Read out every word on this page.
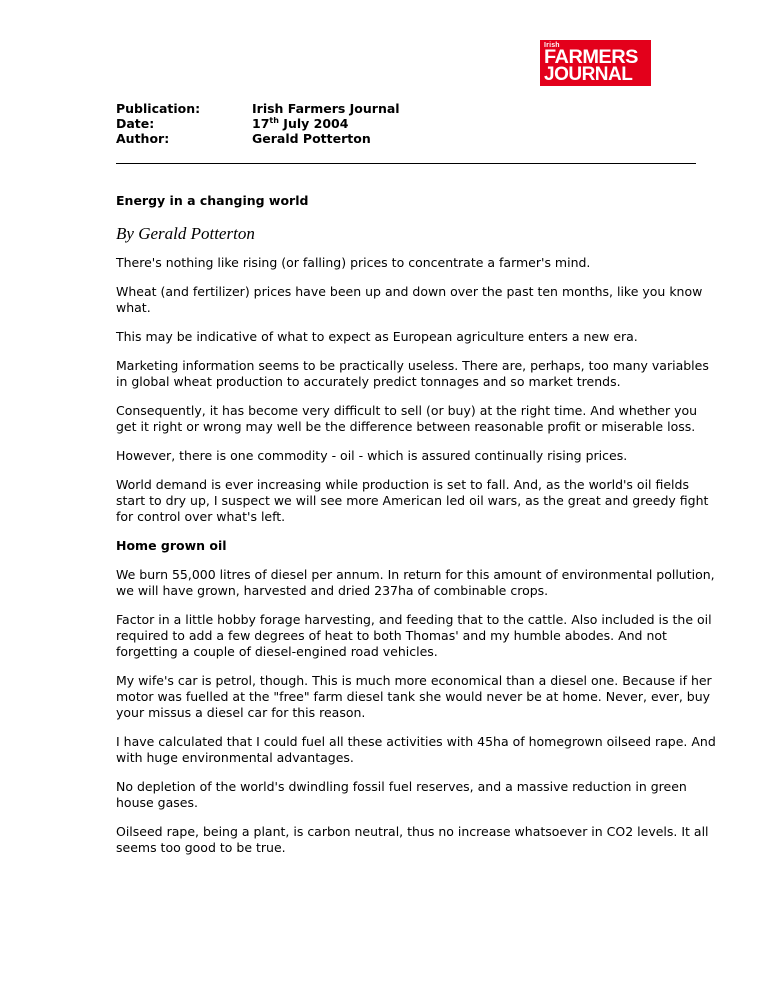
Irish
FARMERS
JOURNAL
Publication:	Irish Farmers Journal
Date:	17th July 2004
Author:	Gerald Potterton
Energy in a changing world
By Gerald Potterton

There's nothing like rising (or falling) prices to concentrate a farmer's mind.

Wheat (and fertilizer) prices have been up and down over the past ten months, like you know what.

This may be indicative of what to expect as European agriculture enters a new era.

Marketing information seems to be practically useless. There are, perhaps, too many variables in global wheat production to accurately predict tonnages and so market trends.

Consequently, it has become very difficult to sell (or buy) at the right time. And whether you get it right or wrong may well be the difference between reasonable profit or miserable loss.

However, there is one commodity - oil - which is assured continually rising prices.

World demand is ever increasing while production is set to fall. And, as the world's oil fields start to dry up, I suspect we will see more American led oil wars, as the great and greedy fight for control over what's left.

Home grown oil

We burn 55,000 litres of diesel per annum. In return for this amount of environmental pollution, we will have grown, harvested and dried 237ha of combinable crops.

Factor in a little hobby forage harvesting, and feeding that to the cattle. Also included is the oil required to add a few degrees of heat to both Thomas' and my humble abodes. And not forgetting a couple of diesel-engined road vehicles.

My wife's car is petrol, though. This is much more economical than a diesel one. Because if her motor was fuelled at the "free" farm diesel tank she would never be at home. Never, ever, buy your missus a diesel car for this reason.

I have calculated that I could fuel all these activities with 45ha of homegrown oilseed rape. And with huge environmental advantages.

No depletion of the world's dwindling fossil fuel reserves, and a massive reduction in green house gases.

Oilseed rape, being a plant, is carbon neutral, thus no increase whatsoever in CO2 levels. It all seems too good to be true.
